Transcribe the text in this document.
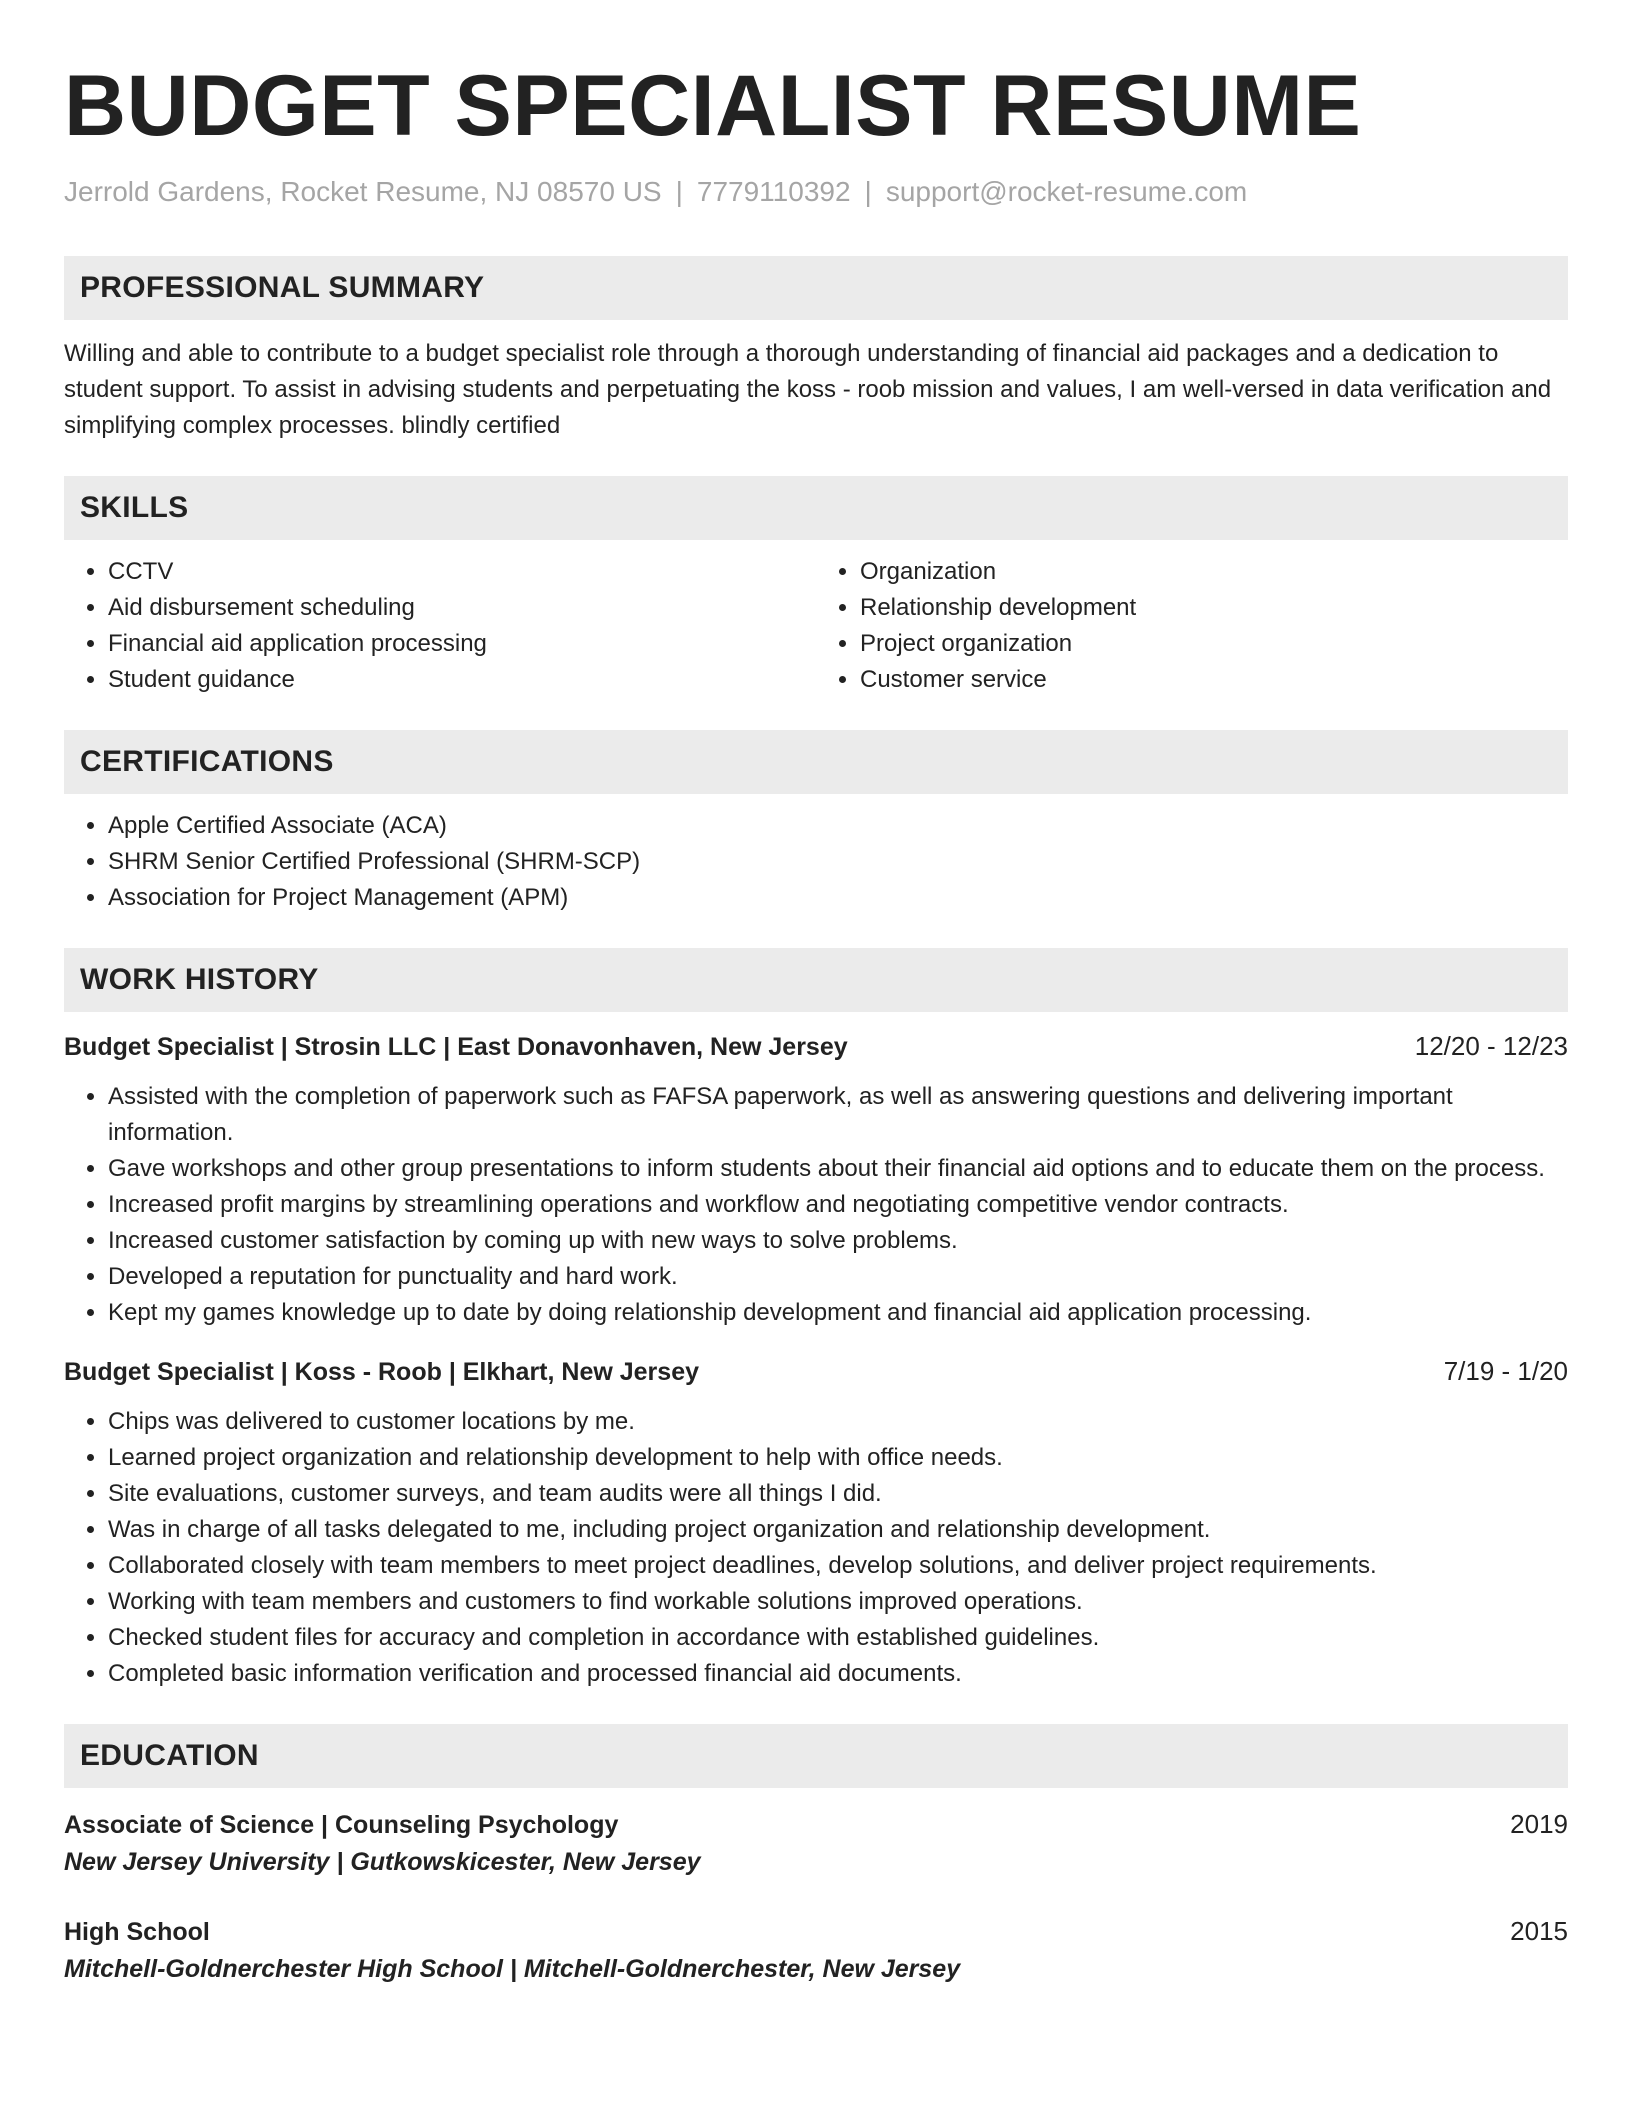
BUDGET SPECIALIST RESUME
Jerrold Gardens, Rocket Resume, NJ 08570 US | 7779110392 | support@rocket-resume.com
PROFESSIONAL SUMMARY
Willing and able to contribute to a budget specialist role through a thorough understanding of financial aid packages and a dedication to student support. To assist in advising students and perpetuating the koss - roob mission and values, I am well-versed in data verification and simplifying complex processes. blindly certified
SKILLS
• CCTV
• Aid disbursement scheduling
• Financial aid application processing
• Student guidance
• Organization
• Relationship development
• Project organization
• Customer service
CERTIFICATIONS
• Apple Certified Associate (ACA)
• SHRM Senior Certified Professional (SHRM-SCP)
• Association for Project Management (APM)
WORK HISTORY
Budget Specialist | Strosin LLC | East Donavonhaven, New Jersey	12/20 - 12/23
• Assisted with the completion of paperwork such as FAFSA paperwork, as well as answering questions and delivering important information.
• Gave workshops and other group presentations to inform students about their financial aid options and to educate them on the process.
• Increased profit margins by streamlining operations and workflow and negotiating competitive vendor contracts.
• Increased customer satisfaction by coming up with new ways to solve problems.
• Developed a reputation for punctuality and hard work.
• Kept my games knowledge up to date by doing relationship development and financial aid application processing.
Budget Specialist | Koss - Roob | Elkhart, New Jersey	7/19 - 1/20
• Chips was delivered to customer locations by me.
• Learned project organization and relationship development to help with office needs.
• Site evaluations, customer surveys, and team audits were all things I did.
• Was in charge of all tasks delegated to me, including project organization and relationship development.
• Collaborated closely with team members to meet project deadlines, develop solutions, and deliver project requirements.
• Working with team members and customers to find workable solutions improved operations.
• Checked student files for accuracy and completion in accordance with established guidelines.
• Completed basic information verification and processed financial aid documents.
EDUCATION
Associate of Science | Counseling Psychology	2019
New Jersey University | Gutkowskicester, New Jersey
High School	2015
Mitchell-Goldnerchester High School | Mitchell-Goldnerchester, New Jersey
